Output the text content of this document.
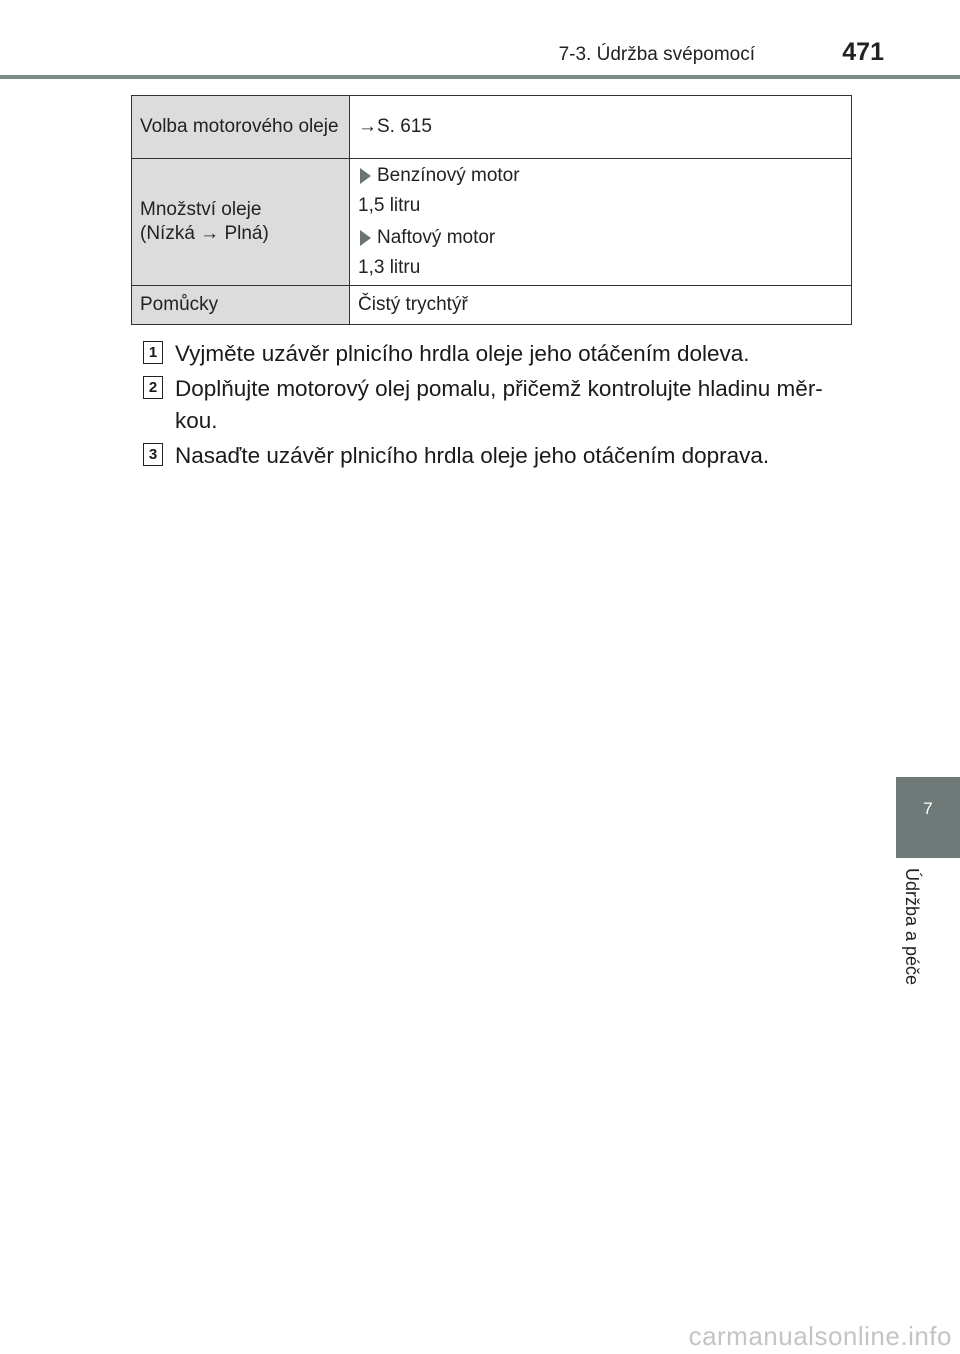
7-3. Údržba svépomocí	471
Volba motorového oleje	→S. 615

Množství oleje (Nízká → Plná)	Benzínový motor
1,5 litru
Naftový motor
1,3 litru

Pomůcky	Čistý trychtýř
1 Vyjměte uzávěr plnicího hrdla oleje jeho otáčením doleva.
2 Doplňujte motorový olej pomalu, přičemž kontrolujte hladinu měr-kou.
3 Nasaďte uzávěr plnicího hrdla oleje jeho otáčením doprava.
7
Údržba a péče
carmanualsonline.info
